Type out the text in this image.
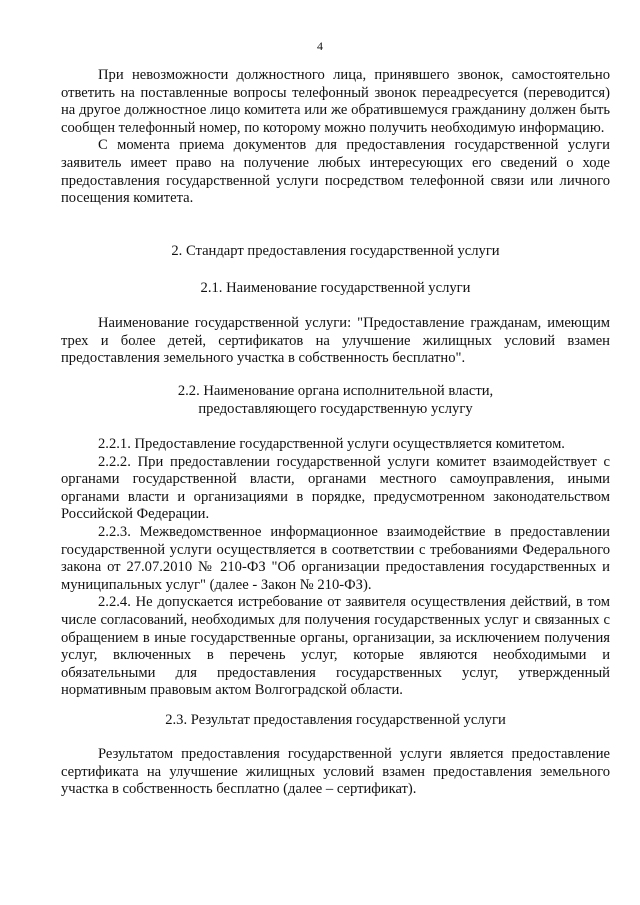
4

При невозможности должностного лица, принявшего звонок, самостоятельно ответить на поставленные вопросы телефонный звонок переадресуется (переводится) на другое должностное лицо комитета или же обратившемуся гражданину должен быть сообщен телефонный номер, по которому можно получить необходимую информацию.

С момента приема документов для предоставления государственной услуги заявитель имеет право на получение любых интересующих его сведений о ходе предоставления государственной услуги посредством телефонной связи или личного посещения комитета.

2. Стандарт предоставления государственной услуги

2.1. Наименование государственной услуги

Наименование государственной услуги: "Предоставление гражданам, имеющим трех и более детей, сертификатов на улучшение жилищных условий взамен предоставления земельного участка в собственность бесплатно".

2.2. Наименование органа исполнительной власти,

предоставляющего государственную услугу

2.2.1. Предоставление государственной услуги осуществляется комитетом.

2.2.2. При предоставлении государственной услуги комитет взаимодействует с органами государственной власти, органами местного самоуправления, иными органами власти и организациями в порядке, предусмотренном законодательством Российской Федерации.

2.2.3. Межведомственное информационное взаимодействие в предоставлении государственной услуги осуществляется в соответствии с требованиями Федерального закона от 27.07.2010 № 210-ФЗ "Об организации предоставления государственных и муниципальных услуг" (далее - Закон № 210-ФЗ).

2.2.4. Не допускается истребование от заявителя осуществления действий, в том числе согласований, необходимых для получения государственных услуг и связанных с обращением в иные государственные органы, организации, за исключением получения услуг, включенных в перечень услуг, которые являются необходимыми и обязательными для предоставления государственных услуг, утвержденный нормативным правовым актом Волгоградской области.

2.3. Результат предоставления государственной услуги

Результатом предоставления государственной услуги является предоставление сертификата на улучшение жилищных условий взамен предоставления земельного участка в собственность бесплатно (далее – сертификат).
